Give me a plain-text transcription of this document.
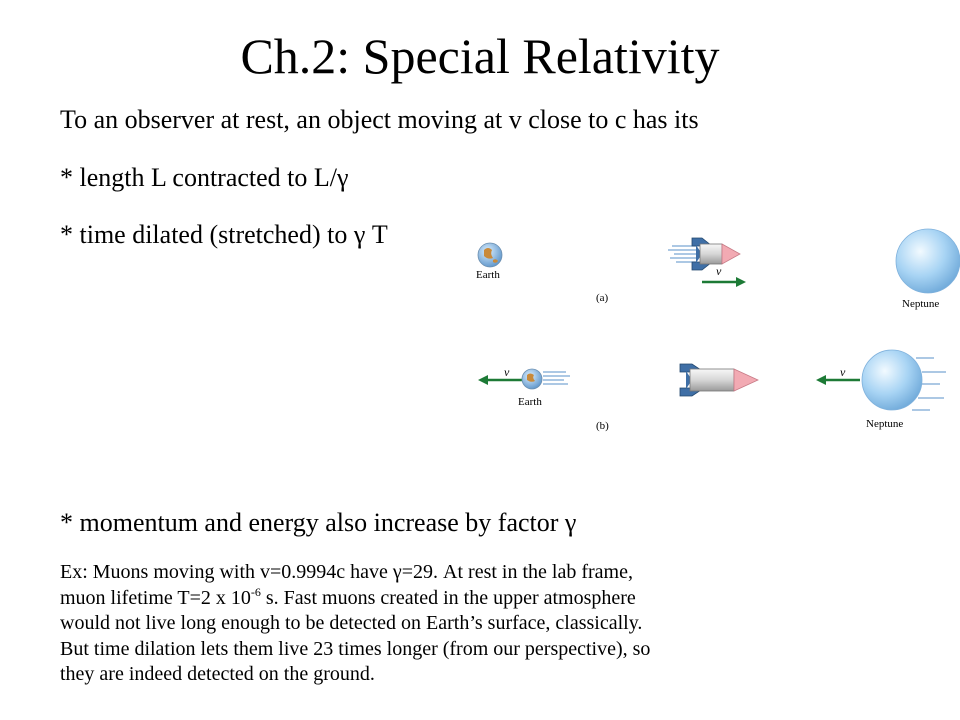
Ch.2: Special Relativity
To an observer at rest, an object moving at v close to c has its
* length L contracted to L/γ
* time dilated (stretched) to γ T
Earth	v
(a)	Neptune
v
Earth
(b)
v
Neptune
* momentum and energy also increase by factor γ
Ex: Muons moving with v=0.9994c have γ=29. At rest in the lab frame,
muon lifetime T=2 x $10^{-6}$ s. Fast muons created in the upper atmosphere
would not live long enough to be detected on Earth’s surface, classically.
But time dilation lets them live 23 times longer (from our perspective), so
they are indeed detected on the ground.
